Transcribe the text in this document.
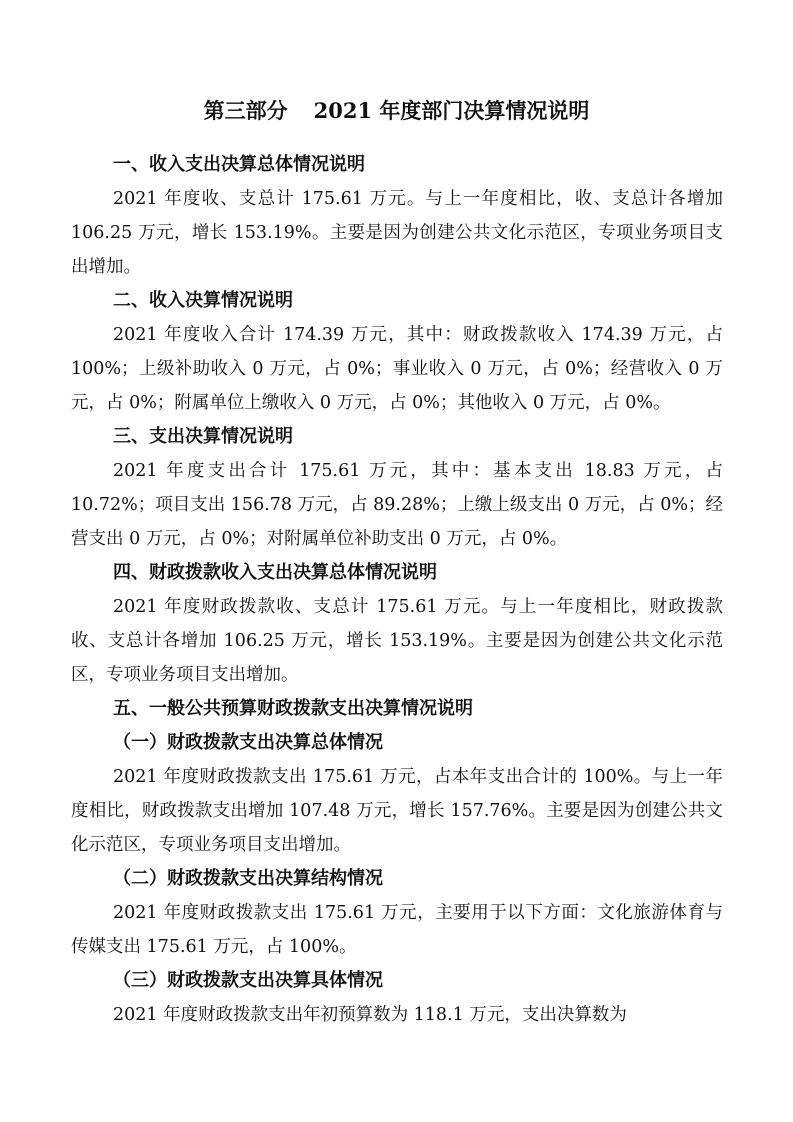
第三部分 2021 年度部门决算情况说明
一、收入支出决算总体情况说明

2021 年度收、支总计 175.61 万元。与上一年度相比，收、支总计各增加 106.25 万元，增长 153.19%。主要是因为创建公共文化示范区，专项业务项目支出增加。

二、收入决算情况说明

2021 年度收入合计 174.39 万元，其中：财政拨款收入 174.39 万元，占 100%；上级补助收入 0 万元，占 0%；事业收入 0 万元，占 0%；经营收入 0 万元，占 0%；附属单位上缴收入 0 万元，占 0%；其他收入 0 万元，占 0%。

三、支出决算情况说明

2021 年度支出合计 175.61 万元，其中：基本支出 18.83 万元，占 10.72%；项目支出 156.78 万元，占 89.28%；上缴上级支出 0 万元，占 0%；经营支出 0 万元，占 0%；对附属单位补助支出 0 万元，占 0%。

四、财政拨款收入支出决算总体情况说明

2021 年度财政拨款收、支总计 175.61 万元。与上一年度相比，财政拨款收、支总计各增加 106.25 万元，增长 153.19%。主要是因为创建公共文化示范区，专项业务项目支出增加。

五、一般公共预算财政拨款支出决算情况说明
（一）财政拨款支出决算总体情况

2021 年度财政拨款支出 175.61 万元，占本年支出合计的 100%。与上一年度相比，财政拨款支出增加 107.48 万元，增长 157.76%。主要是因为创建公共文化示范区，专项业务项目支出增加。

（二）财政拨款支出决算结构情况

2021 年度财政拨款支出 175.61 万元，主要用于以下方面：文化旅游体育与传媒支出 175.61 万元，占 100%。

（三）财政拨款支出决算具体情况

2021 年度财政拨款支出年初预算数为 118.1 万元，支出决算数为
